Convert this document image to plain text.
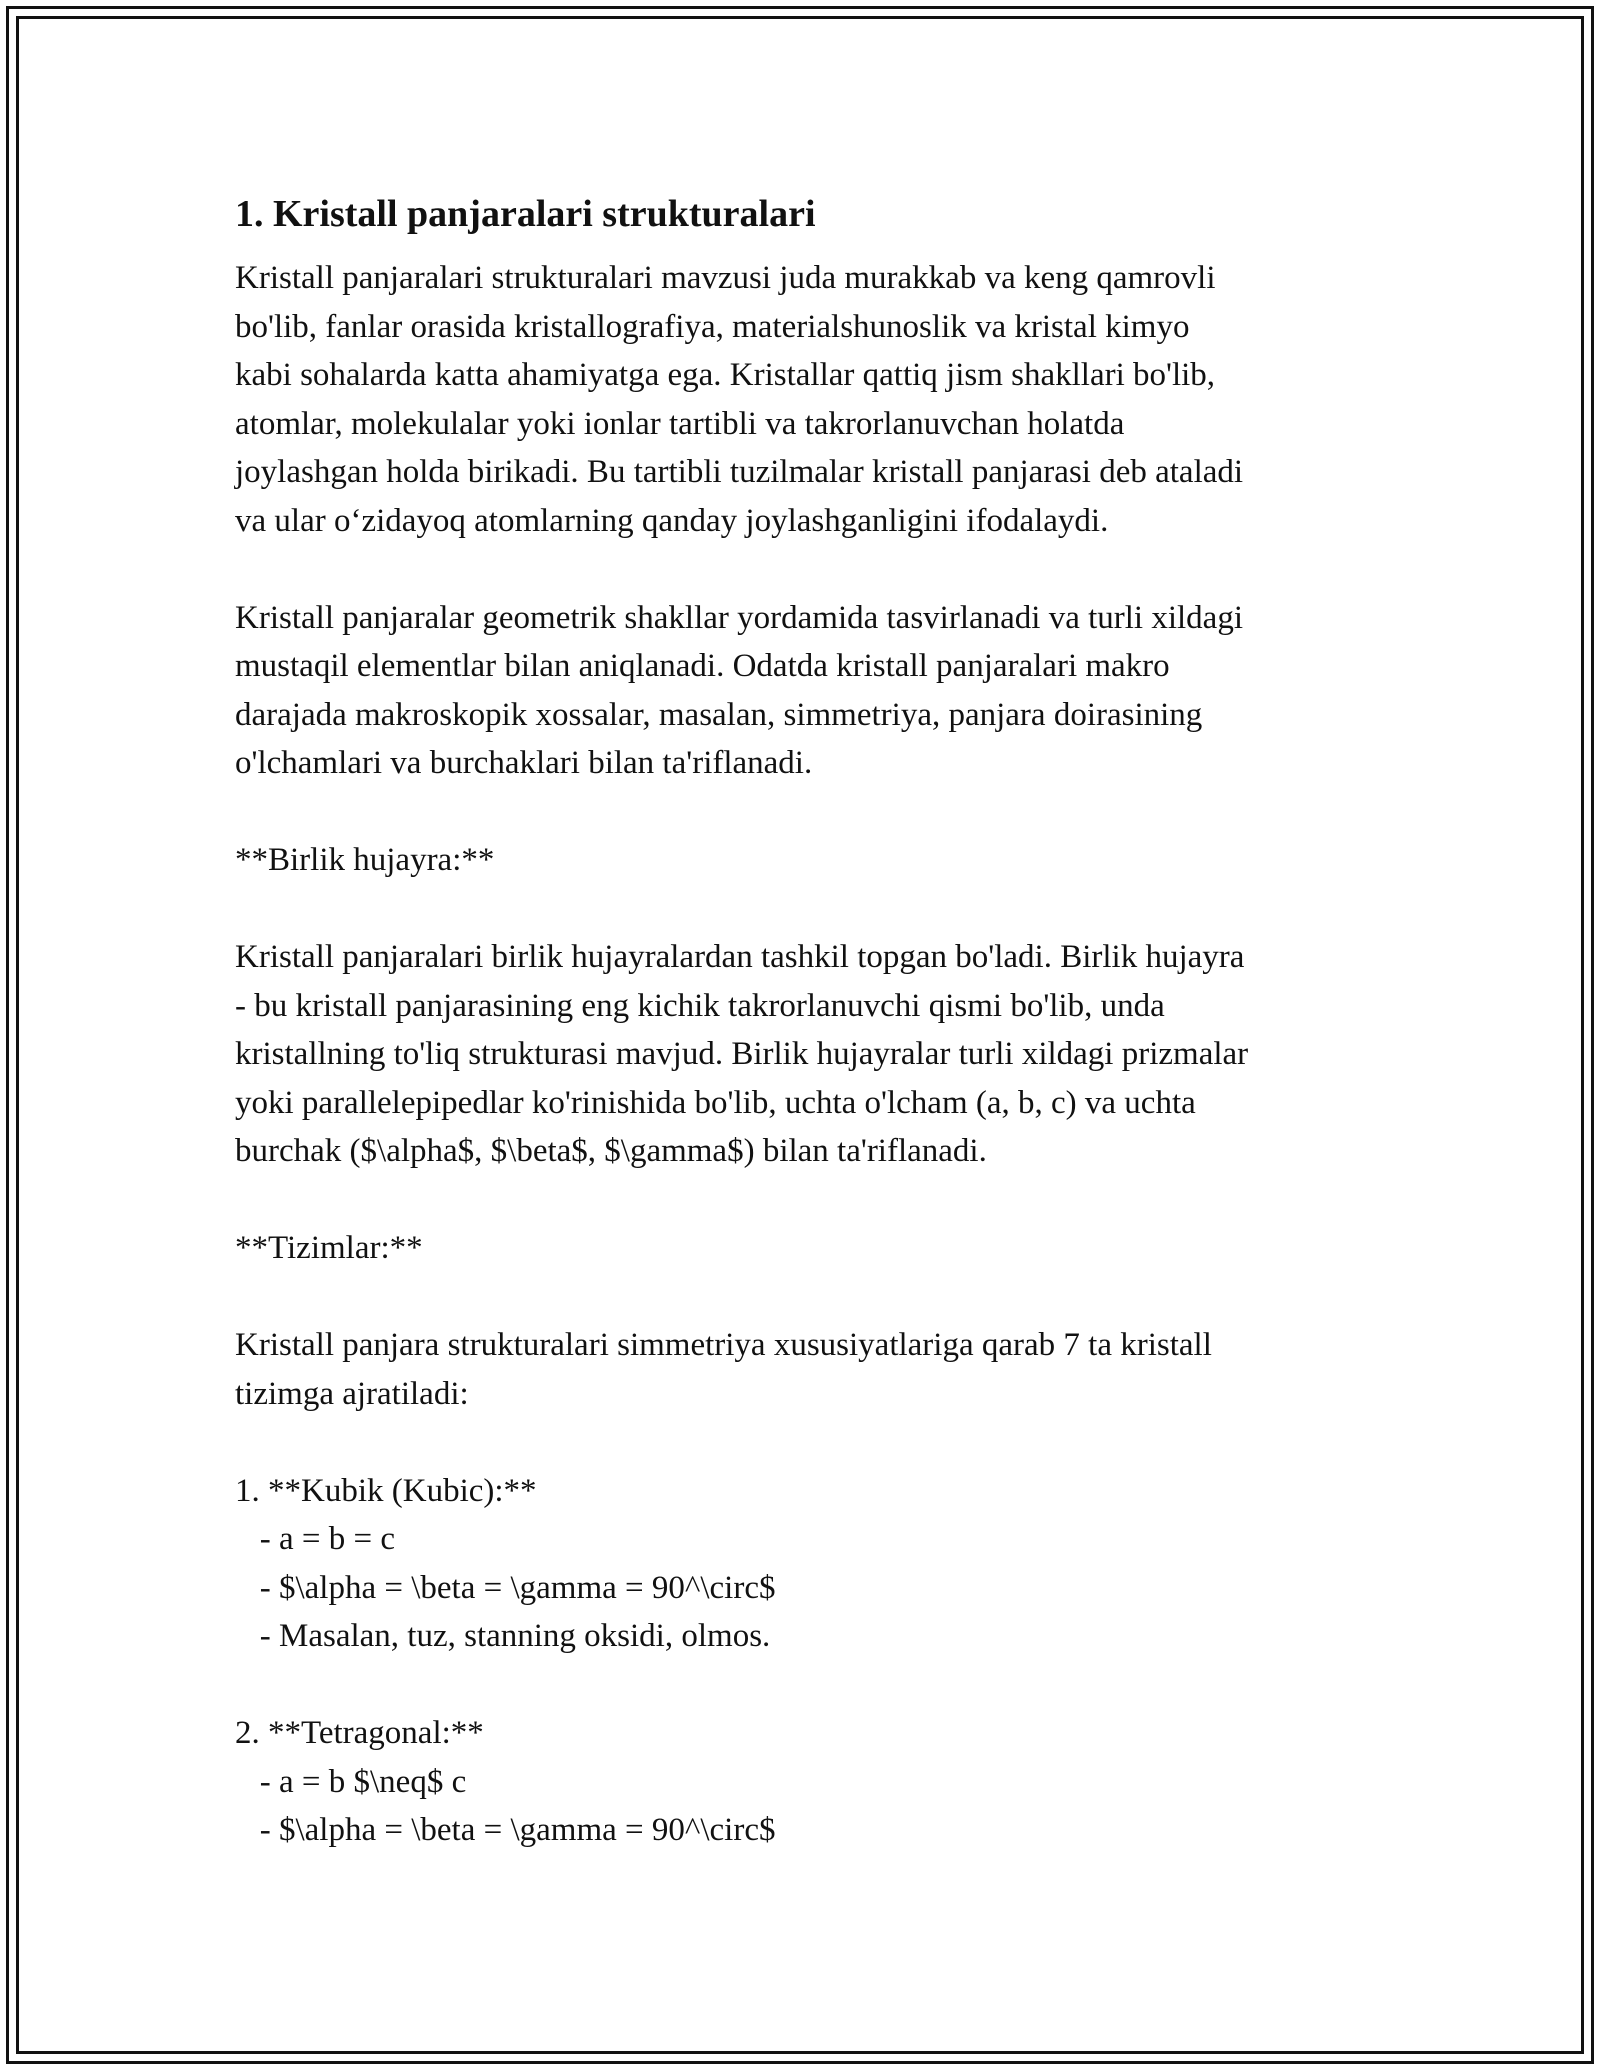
1. Kristall panjaralari strukturalari

Kristall panjaralari strukturalari mavzusi juda murakkab va keng qamrovli
bo'lib, fanlar orasida kristallografiya, materialshunoslik va kristal kimyo
kabi sohalarda katta ahamiyatga ega. Kristallar qattiq jism shakllari bo'lib,
atomlar, molekulalar yoki ionlar tartibli va takrorlanuvchan holatda
joylashgan holda birikadi. Bu tartibli tuzilmalar kristall panjarasi deb ataladi
va ular o‘zidayoq atomlarning qanday joylashganligini ifodalaydi.

Kristall panjaralar geometrik shakllar yordamida tasvirlanadi va turli xildagi
mustaqil elementlar bilan aniqlanadi. Odatda kristall panjaralari makro
darajada makroskopik xossalar, masalan, simmetriya, panjara doirasining
o'lchamlari va burchaklari bilan ta'riflanadi.

**Birlik hujayra:**

Kristall panjaralari birlik hujayralardan tashkil topgan bo'ladi. Birlik hujayra
- bu kristall panjarasining eng kichik takrorlanuvchi qismi bo'lib, unda
kristallning to'liq strukturasi mavjud. Birlik hujayralar turli xildagi prizmalar
yoki parallelepipedlar ko'rinishida bo'lib, uchta o'lcham (a, b, c) va uchta
burchak ($\alpha$, $\beta$, $\gamma$) bilan ta'riflanadi.

**Tizimlar:**

Kristall panjara strukturalari simmetriya xususiyatlariga qarab 7 ta kristall
tizimga ajratiladi:

1. **Kubik (Kubic):**
- a = b = c
- $\alpha = \beta = \gamma = 90^\circ$
- Masalan, tuz, stanning oksidi, olmos.

2. **Tetragonal:**
- a = b $\neq$ c
- $\alpha = \beta = \gamma = 90^\circ$
